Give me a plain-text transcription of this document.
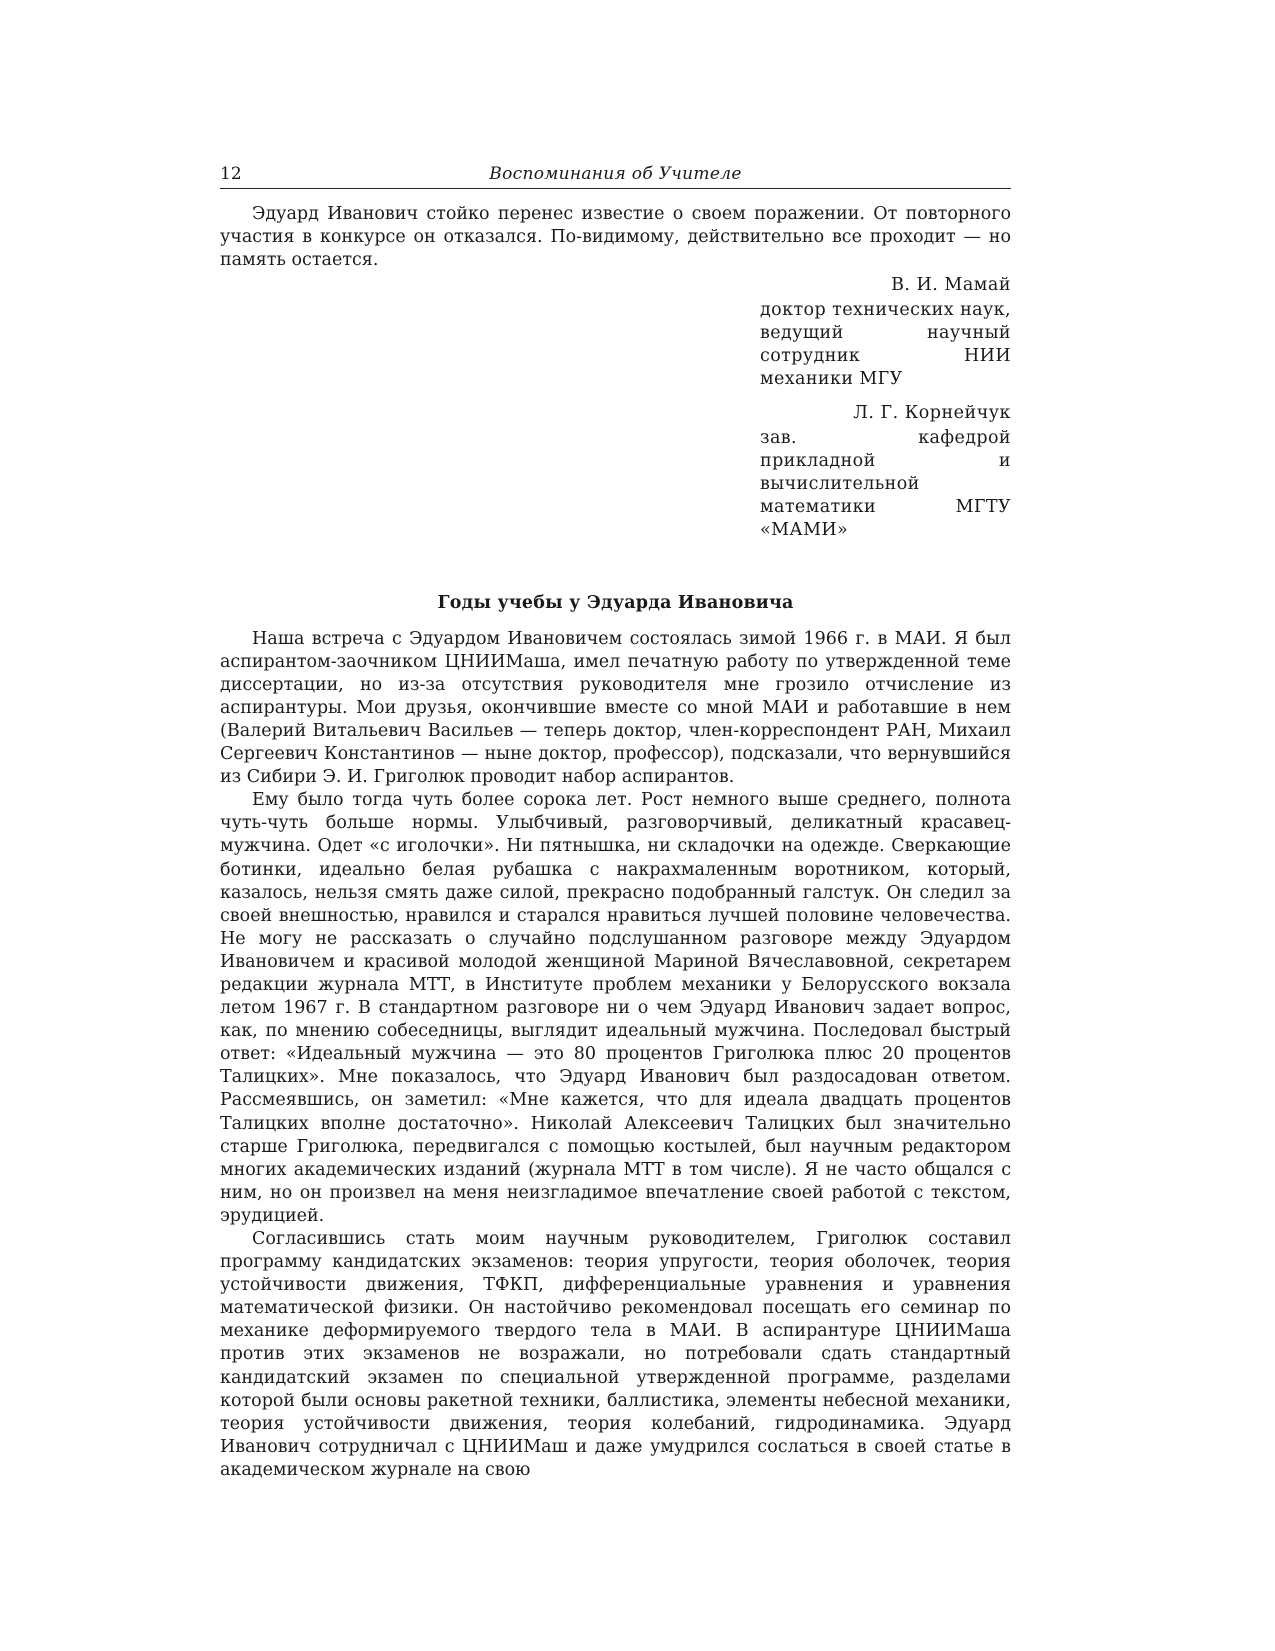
12	Воспоминания об Учителе

Эдуард Иванович стойко перенес известие о своем поражении. От повторного участия в конкурсе он отказался. По-видимому, действительно все проходит — но память остается.

В. И. Мамай
доктор технических наук, ведущий научный сотрудник НИИ механики МГУ
Л. Г. Корнейчук
зав. кафедрой прикладной и вычислительной математики МГТУ «МАМИ»
Годы учебы у Эдуарда Ивановича

Наша встреча с Эдуардом Ивановичем состоялась зимой 1966 г. в МАИ. Я был аспирантом-заочником ЦНИИМаша, имел печатную работу по утвержденной теме диссертации, но из-за отсутствия руководителя мне грозило отчисление из аспирантуры. Мои друзья, окончившие вместе со мной МАИ и работавшие в нем (Валерий Витальевич Васильев — теперь доктор, член-корреспондент РАН, Михаил Сергеевич Константинов — ныне доктор, профессор), подсказали, что вернувшийся из Сибири Э. И. Григолюк проводит набор аспирантов.

Ему было тогда чуть более сорока лет. Рост немного выше среднего, полнота чуть-чуть больше нормы. Улыбчивый, разговорчивый, деликатный красавец-мужчина. Одет «с иголочки». Ни пятнышка, ни складочки на одежде. Сверкающие ботинки, идеально белая рубашка с накрахмаленным воротником, который, казалось, нельзя смять даже силой, прекрасно подобранный галстук. Он следил за своей внешностью, нравился и старался нравиться лучшей половине человечества. Не могу не рассказать о случайно подслушанном разговоре между Эдуардом Ивановичем и красивой молодой женщиной Мариной Вячеславовной, секретарем редакции журнала МТТ, в Институте проблем механики у Белорусского вокзала летом 1967 г. В стандартном разговоре ни о чем Эдуард Иванович задает вопрос, как, по мнению собеседницы, выглядит идеальный мужчина. Последовал быстрый ответ: «Идеальный мужчина — это 80 процентов Григолюка плюс 20 процентов Талицких». Мне показалось, что Эдуард Иванович был раздосадован ответом. Рассмеявшись, он заметил: «Мне кажется, что для идеала двадцать процентов Талицких вполне достаточно». Николай Алексеевич Талицких был значительно старше Григолюка, передвигался с помощью костылей, был научным редактором многих академических изданий (журнала МТТ в том числе). Я не часто общался с ним, но он произвел на меня неизгладимое впечатление своей работой с текстом, эрудицией.

Согласившись стать моим научным руководителем, Григолюк составил программу кандидатских экзаменов: теория упругости, теория оболочек, теория устойчивости движения, ТФКП, дифференциальные уравнения и уравнения математической физики. Он настойчиво рекомендовал посещать его семинар по механике деформируемого твердого тела в МАИ. В аспирантуре ЦНИИМаша против этих экзаменов не возражали, но потребовали сдать стандартный кандидатский экзамен по специальной утвержденной программе, разделами которой были основы ракетной техники, баллистика, элементы небесной механики, теория устойчивости движения, теория колебаний, гидродинамика. Эдуард Иванович сотрудничал с ЦНИИМаш и даже умудрился сослаться в своей статье в академическом журнале на свою
